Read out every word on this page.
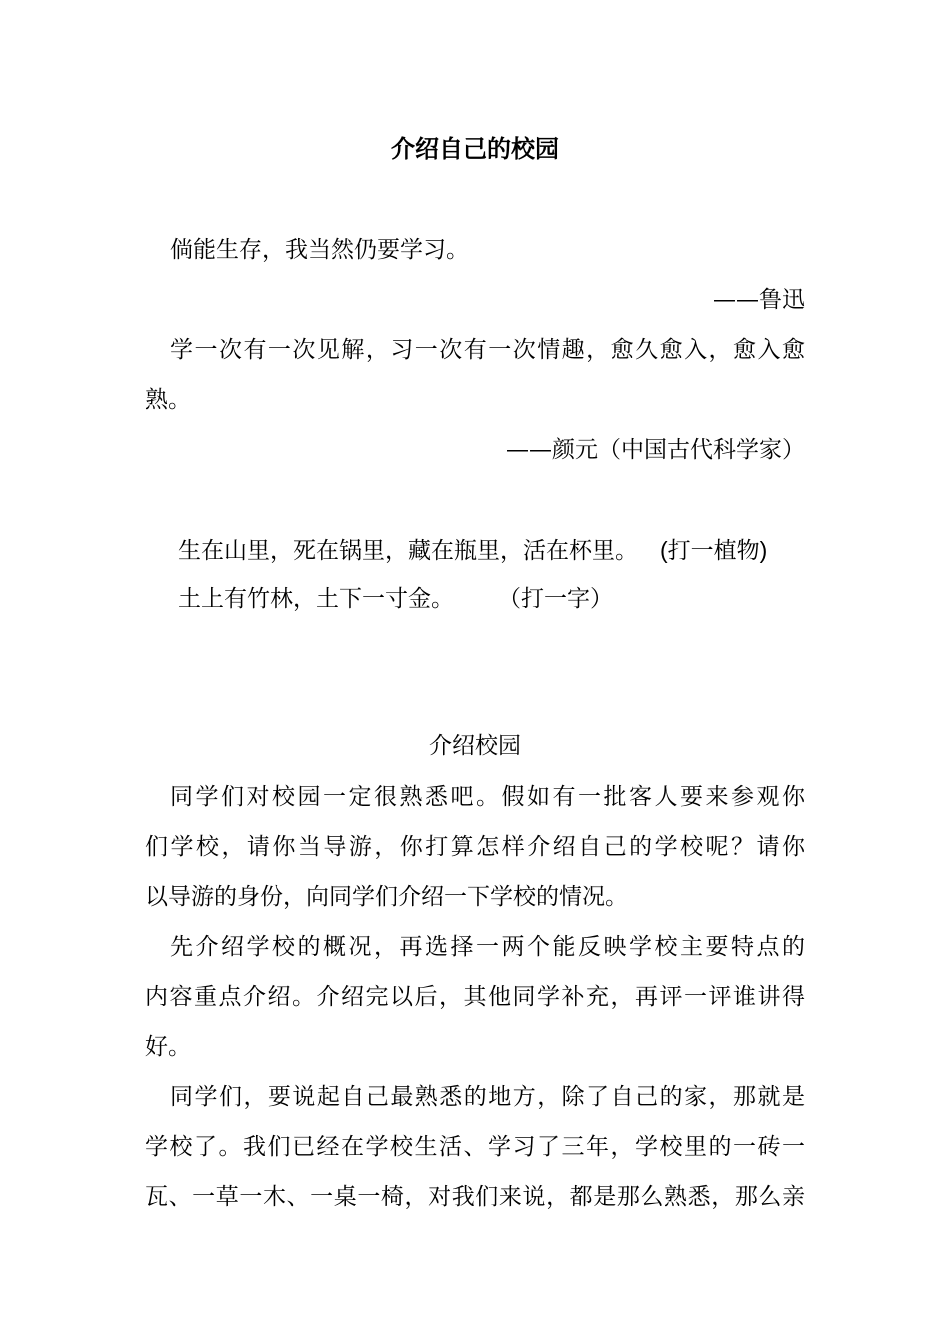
介绍自己的校园
倘能生存，我当然仍要学习。
——鲁迅
学一次有一次见解，习一次有一次情趣，愈久愈入，愈入愈
熟。
——颜元（中国古代科学家）
生在山里，死在锅里，藏在瓶里，活在杯里。 (打一植物)
土上有竹林，土下一寸金。 （打一字）
介绍校园
同学们对校园一定很熟悉吧。假如有一批客人要来参观你
们学校，请你当导游，你打算怎样介绍自己的学校呢？请你
以导游的身份，向同学们介绍一下学校的情况。
先介绍学校的概况，再选择一两个能反映学校主要特点的
内容重点介绍。介绍完以后，其他同学补充，再评一评谁讲得
好。
同学们，要说起自己最熟悉的地方，除了自己的家，那就是
学校了。我们已经在学校生活、学习了三年，学校里的一砖一
瓦、一草一木、一桌一椅，对我们来说，都是那么熟悉，那么亲
